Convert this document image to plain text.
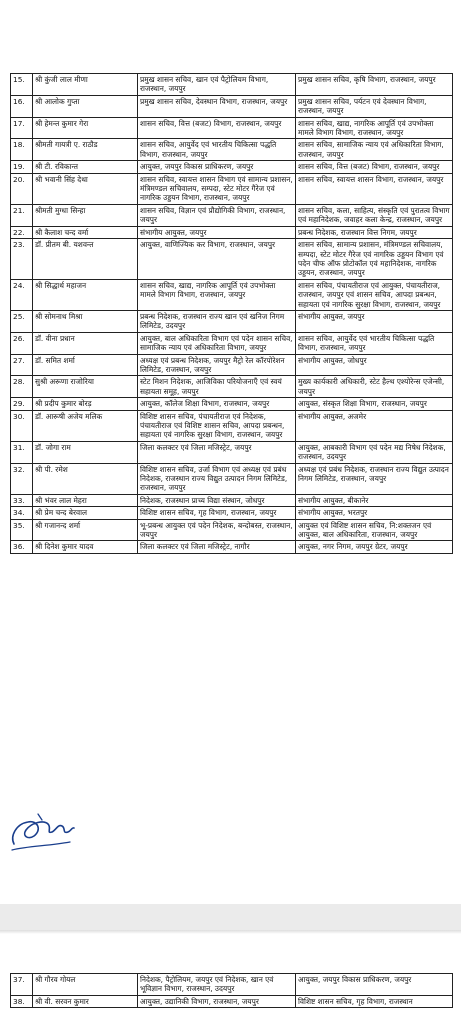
15.	श्री कुंजी लाल मीणा	प्रमुख शासन सचिव, खान एवं पैट्रोलियम विभाग, राजस्थान, जयपुर	प्रमुख शासन सचिव, कृषि विभाग, राजस्थान, जयपुर
16.	श्री आलोक गुप्ता	प्रमुख शासन सचिव, देवस्थान विभाग, राजस्थान, जयपुर	प्रमुख शासन सचिव, पर्यटन एवं देवस्थान विभाग, राजस्थान, जयपुर
17.	श्री हेमन्त कुमार गेरा	शासन सचिव, वित्त (बजट) विभाग, राजस्थान, जयपुर	शासन सचिव, खाद्य, नागरिक आपूर्ति एवं उपभोक्ता मामले विभाग विभाग, राजस्थान, जयपुर
18.	श्रीमती गायत्री ए. राठौड	शासन सचिव, आयुर्वेद एवं भारतीय चिकित्सा पद्धति विभाग, राजस्थान, जयपुर	शासन सचिव, सामाजिक न्याय एवं अधिकारिता विभाग, राजस्थान, जयपुर
19.	श्री टी. रविकान्त	आयुक्त, जयपुर विकास प्राधिकरण, जयपुर	शासन सचिव, वित्त (बजट) विभाग, राजस्थान, जयपुर
20.	श्री भवानी सिंह देथा	शासन सचिव, स्वायत्त शासन विभाग एवं सामान्य प्रशासन, मंत्रिमण्डल सचिवालय, सम्पदा, स्टेट मोटर गैरेज एवं नागरिक उड्डयन विभाग, राजस्थान, जयपुर	शासन सचिव, स्वायत्त शासन विभाग, राजस्थान, जयपुर
21.	श्रीमती मुग्धा सिन्हा	शासन सचिव, विज्ञान एवं प्रौद्योगिकी विभाग, राजस्थान, जयपुर	शासन सचिव, कला, साहित्य, संस्कृति एवं पुरातत्व विभाग एवं महानिदेशक, जवाहर कला केन्द्र, राजस्थान, जयपुर
22.	श्री कैलाश चन्द वर्मा	संभागीय आयुक्त, जयपुर	प्रबन्ध निदेशक, राजस्थान वित्त निगम, जयपुर
23.	डॉ. प्रीतम बी. यशवन्त	आयुक्त, वाणिज्यिक कर विभाग, राजस्थान, जयपुर	शासन सचिव, सामान्य प्रशासन, मंत्रिमण्डल सचिवालय, सम्पदा, स्टेट मोटर गैरेज एवं नागरिक उड्डयन विभाग एवं पदेन चीफ ऑफ प्रोटोकॉल एवं महानिदेशक, नागरिक उड्डयन, राजस्थान, जयपुर
24.	श्री सिद्धार्थ महाजन	शासन सचिव, खाद्य, नागरिक आपूर्ति एवं उपभोक्ता मामले विभाग विभाग, राजस्थान, जयपुर	शासन सचिव, पंचायतीराज एवं आयुक्त, पंचायतीराज, राजस्थान, जयपुर एवं शासन सचिव, आपदा प्रबन्धन, सहायता एवं नागरिक सुरक्षा विभाग, राजस्थान, जयपुर
25.	श्री सोमनाथ मिश्रा	प्रबन्ध निदेशक, राजस्थान राज्य खान एवं खनिज निगम लिमिटेड, उदयपुर	संभागीय आयुक्त, जयपुर
26.	डॉ. वीना प्रधान	आयुक्त, बाल अधिकारिता विभाग एवं पदेन शासन सचिव, सामाजिक न्याय एवं अधिकारिता विभाग, जयपुर	शासन सचिव, आयुर्वेद एवं भारतीय चिकित्सा पद्धति विभाग, राजस्थान, जयपुर
27.	डॉ. समित शर्मा	अध्यक्ष एवं प्रबन्ध निदेशक, जयपुर मैट्रो रेल कॉरपोरेशन लिमिटेड, राजस्थान, जयपुर	संभागीय आयुक्त, जोधपुर
28.	सुश्री अरूणा राजोरिया	स्टेट मिशन निदेशक, आजिविका परियोजनाएँ एवं स्वयं सहायता समूह, जयपुर	मुख्य कार्यकारी अधिकारी, स्टेट हैल्थ एश्योरेन्स एजेन्सी, जयपुर
29.	श्री प्रदीप कुमार बोरड़	आयुक्त, कॉलेज शिक्षा विभाग, राजस्थान, जयपुर	आयुक्त, संस्कृत शिक्षा विभाग, राजस्थान, जयपुर
30.	डॉ. आरूषी अजेय मलिक	विशिष्ट शासन सचिव, पंचायतीराज एवं निदेशक, पंचायतीराज एवं विशिष्ट शासन सचिव, आपदा प्रबन्धन, सहायता एवं नागरिक सुरक्षा विभाग, राजस्थान, जयपुर	संभागीय आयुक्त, अजमेर
31.	डॉ. जोगा राम	जिला कलक्टर एवं जिला मजिस्ट्रेट, जयपुर	आयुक्त, आबकारी विभाग एवं पदेन मद्य निषेध निदेशक, राजस्थान, उदयपुर
32.	श्री पी. रमेश	विशिष्ट शासन सचिव, उर्जा विभाग एवं अध्यक्ष एवं प्रबंध निदेशक, राजस्थान राज्य विद्युत उत्पादन निगम लिमिटेड, राजस्थान, जयपुर	अध्यक्ष एवं प्रबंध निदेशक, राजस्थान राज्य विद्युत उत्पादन निगम लिमिटेड, राजस्थान, जयपुर
33.	श्री भंवर लाल मेहरा	निदेशक, राजस्थान प्राच्य विद्या संस्थान, जोधपुर	संभागीय आयुक्त, बीकानेर
34.	श्री प्रेम चन्द बेरवाल	विशिष्ट शासन सचिव, गृह विभाग, राजस्थान, जयपुर	संभागीय आयुक्त, भरतपुर
35.	श्री गजानन्द शर्मा	भू-प्रबन्ध आयुक्त एवं पदेन निदेशक, बन्दोबस्त, राजस्थान, जयपुर	आयुक्त एवं विशिष्ट शासन सचिव, नि:शक्तजन एवं आयुक्त, बाल अधिकारिता, राजस्थान, जयपुर
36.	श्री दिनेश कुमार यादव	जिला कलक्टर एवं जिला मजिस्ट्रेट, नागौर	आयुक्त, नगर निगम, जयपुर ग्रेटर, जयपुर
37.	श्री गौरव गोयल	निदेशक, पैट्रोलियम, जयपुर एवं निदेशक, खान एवं भूविज्ञान विभाग, राजस्थान, उदयपुर	आयुक्त, जयपुर विकास प्राधिकरण, जयपुर
38.	श्री वी. सरवन कुमार	आयुक्त, उद्यानिकी विभाग, राजस्थान, जयपुर	विशिष्ट शासन सचिव, गृह विभाग, राजस्थान
